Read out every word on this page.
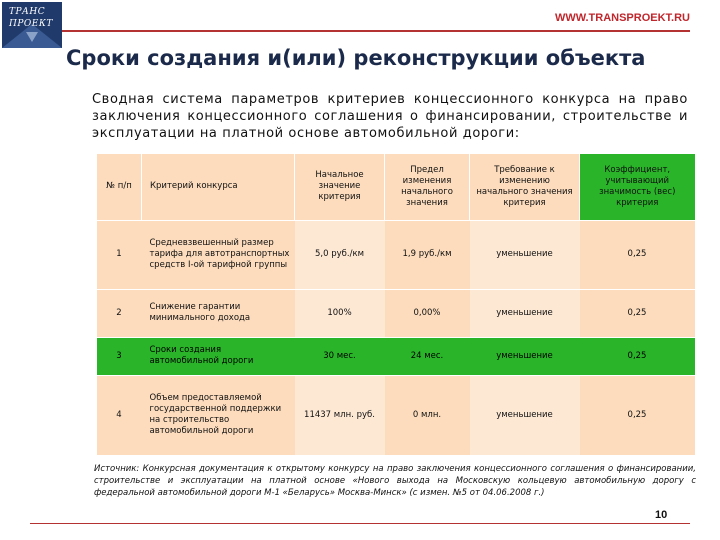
ТРАНС
ПРОЕКТ	WWW.TRANSPROEKT.RU
Сроки создания и(или) реконструкции объекта

Сводная система параметров критериев концессионного конкурса на право заключения концессионного соглашения о финансировании, строительстве и эксплуатации на платной основе автомобильной дороги:

№ п/п	Критерий конкурса	Начальное значение критерия	Предел изменения начального значения	Требование к изменению начального значения критерия	Коэффициент, учитывающий значимость (вес) критерия
1	Средневзвешенный размер тарифа для автотранспортных средств I-ой тарифной группы	5,0 руб./км	1,9 руб./км	уменьшение	0,25
2	Снижение гарантии минимального дохода	100%	0,00%	уменьшение	0,25
3	Сроки создания автомобильной дороги	30 мес.	24 мес.	уменьшение	0,25
4	Объем предоставляемой государственной поддержки на строительство автомобильной дороги	11437 млн. руб.	0 млн.	уменьшение	0,25

Источник: Конкурсная документация к открытому конкурсу на право заключения концессионного соглашения о финансировании, строительстве и эксплуатации на платной основе «Нового выхода на Московскую кольцевую автомобильную дорогу с федеральной автомобильной дороги М-1 «Беларусь» Москва-Минск» (с измен. №5 от 04.06.2008 г.)

10
